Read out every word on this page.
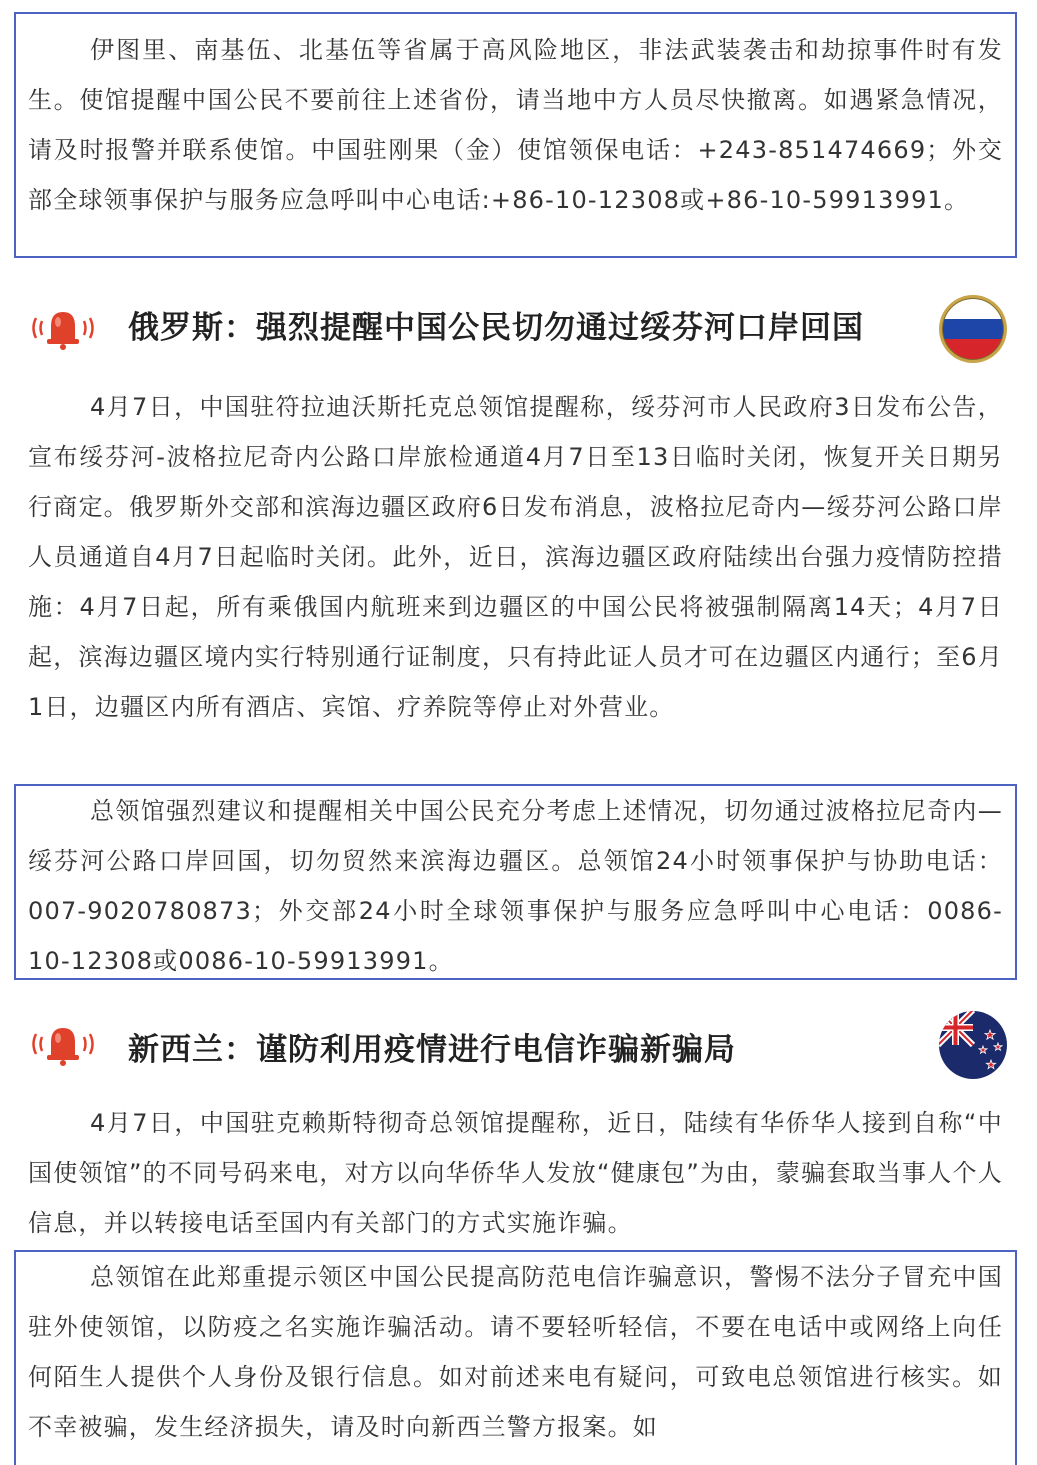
伊图里、南基伍、北基伍等省属于高风险地区，非法武装袭击和劫掠事件时有发生。使馆提醒中国公民不要前往上述省份，请当地中方人员尽快撤离。如遇紧急情况，请及时报警并联系使馆。中国驻刚果（金）使馆领保电话：+243-851474669；外交部全球领事保护与服务应急呼叫中心电话:+86-10-12308或+86-10-59913991。

俄罗斯：强烈提醒中国公民切勿通过绥芬河口岸回国

4月7日，中国驻符拉迪沃斯托克总领馆提醒称，绥芬河市人民政府3日发布公告，宣布绥芬河-波格拉尼奇内公路口岸旅检通道4月7日至13日临时关闭，恢复开关日期另行商定。俄罗斯外交部和滨海边疆区政府6日发布消息，波格拉尼奇内—绥芬河公路口岸人员通道自4月7日起临时关闭。此外，近日，滨海边疆区政府陆续出台强力疫情防控措施：4月7日起，所有乘俄国内航班来到边疆区的中国公民将被强制隔离14天；4月7日起，滨海边疆区境内实行特别通行证制度，只有持此证人员才可在边疆区内通行；至6月1日，边疆区内所有酒店、宾馆、疗养院等停止对外营业。

总领馆强烈建议和提醒相关中国公民充分考虑上述情况，切勿通过波格拉尼奇内—绥芬河公路口岸回国，切勿贸然来滨海边疆区。总领馆24小时领事保护与协助电话：007-9020780873；外交部24小时全球领事保护与服务应急呼叫中心电话：0086-10-12308或0086-10-59913991。

新西兰：谨防利用疫情进行电信诈骗新骗局

4月7日，中国驻克赖斯特彻奇总领馆提醒称，近日，陆续有华侨华人接到自称“中国使领馆”的不同号码来电，对方以向华侨华人发放“健康包”为由，蒙骗套取当事人个人信息，并以转接电话至国内有关部门的方式实施诈骗。

总领馆在此郑重提示领区中国公民提高防范电信诈骗意识，警惕不法分子冒充中国驻外使领馆，以防疫之名实施诈骗活动。请不要轻听轻信，不要在电话中或网络上向任何陌生人提供个人身份及银行信息。如对前述来电有疑问，可致电总领馆进行核实。如不幸被骗，发生经济损失，请及时向新西兰警方报案。如
